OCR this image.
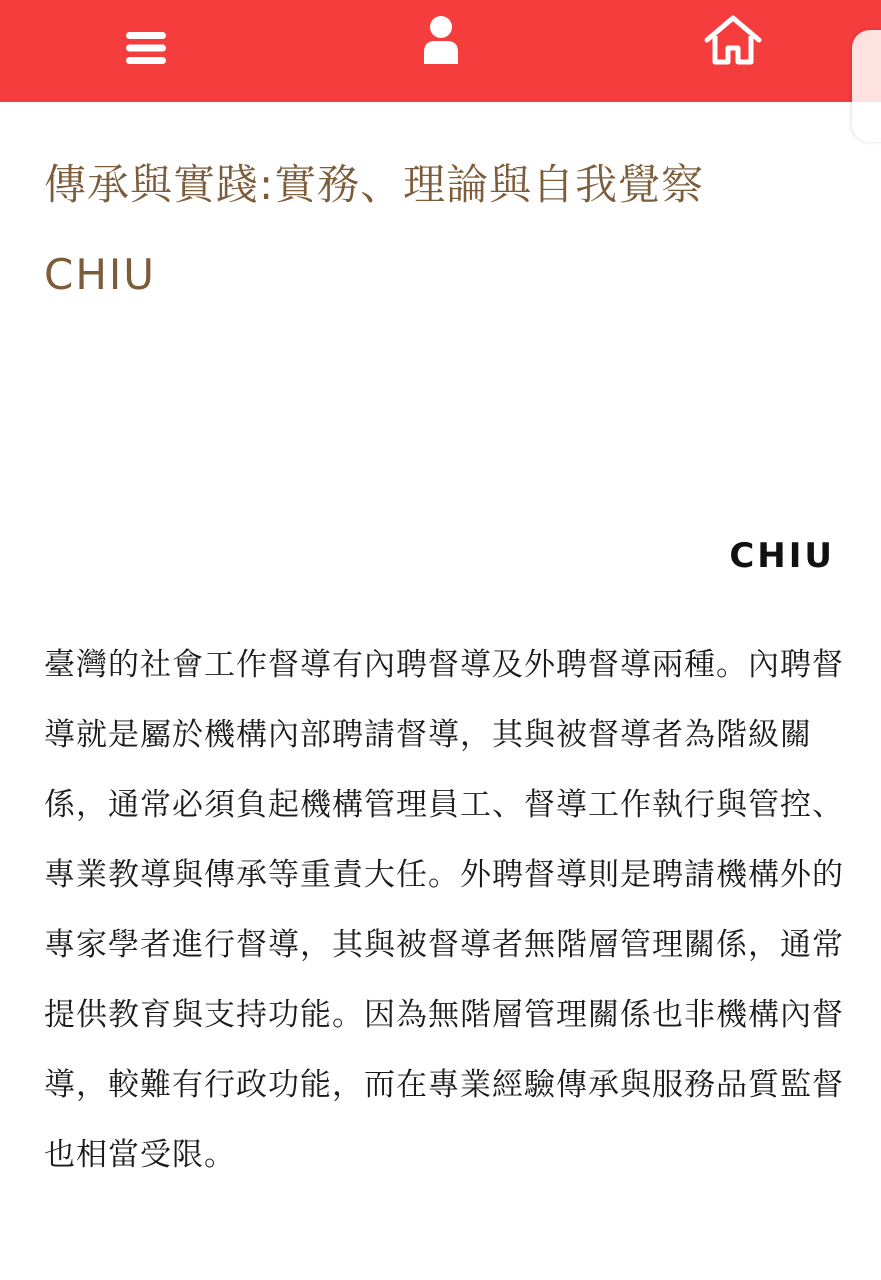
傳承與實踐:實務、理論與自我覺察
CHIU
CHIU

臺灣的社會工作督導有內聘督導及外聘督導兩種。內聘督導就是屬於機構內部聘請督導，其與被督導者為階級關係，通常必須負起機構管理員工、督導工作執行與管控、專業教導與傳承等重責大任。外聘督導則是聘請機構外的專家學者進行督導，其與被督導者無階層管理關係，通常提供教育與支持功能。因為無階層管理關係也非機構內督導，較難有行政功能，而在專業經驗傳承與服務品質監督也相當受限。
